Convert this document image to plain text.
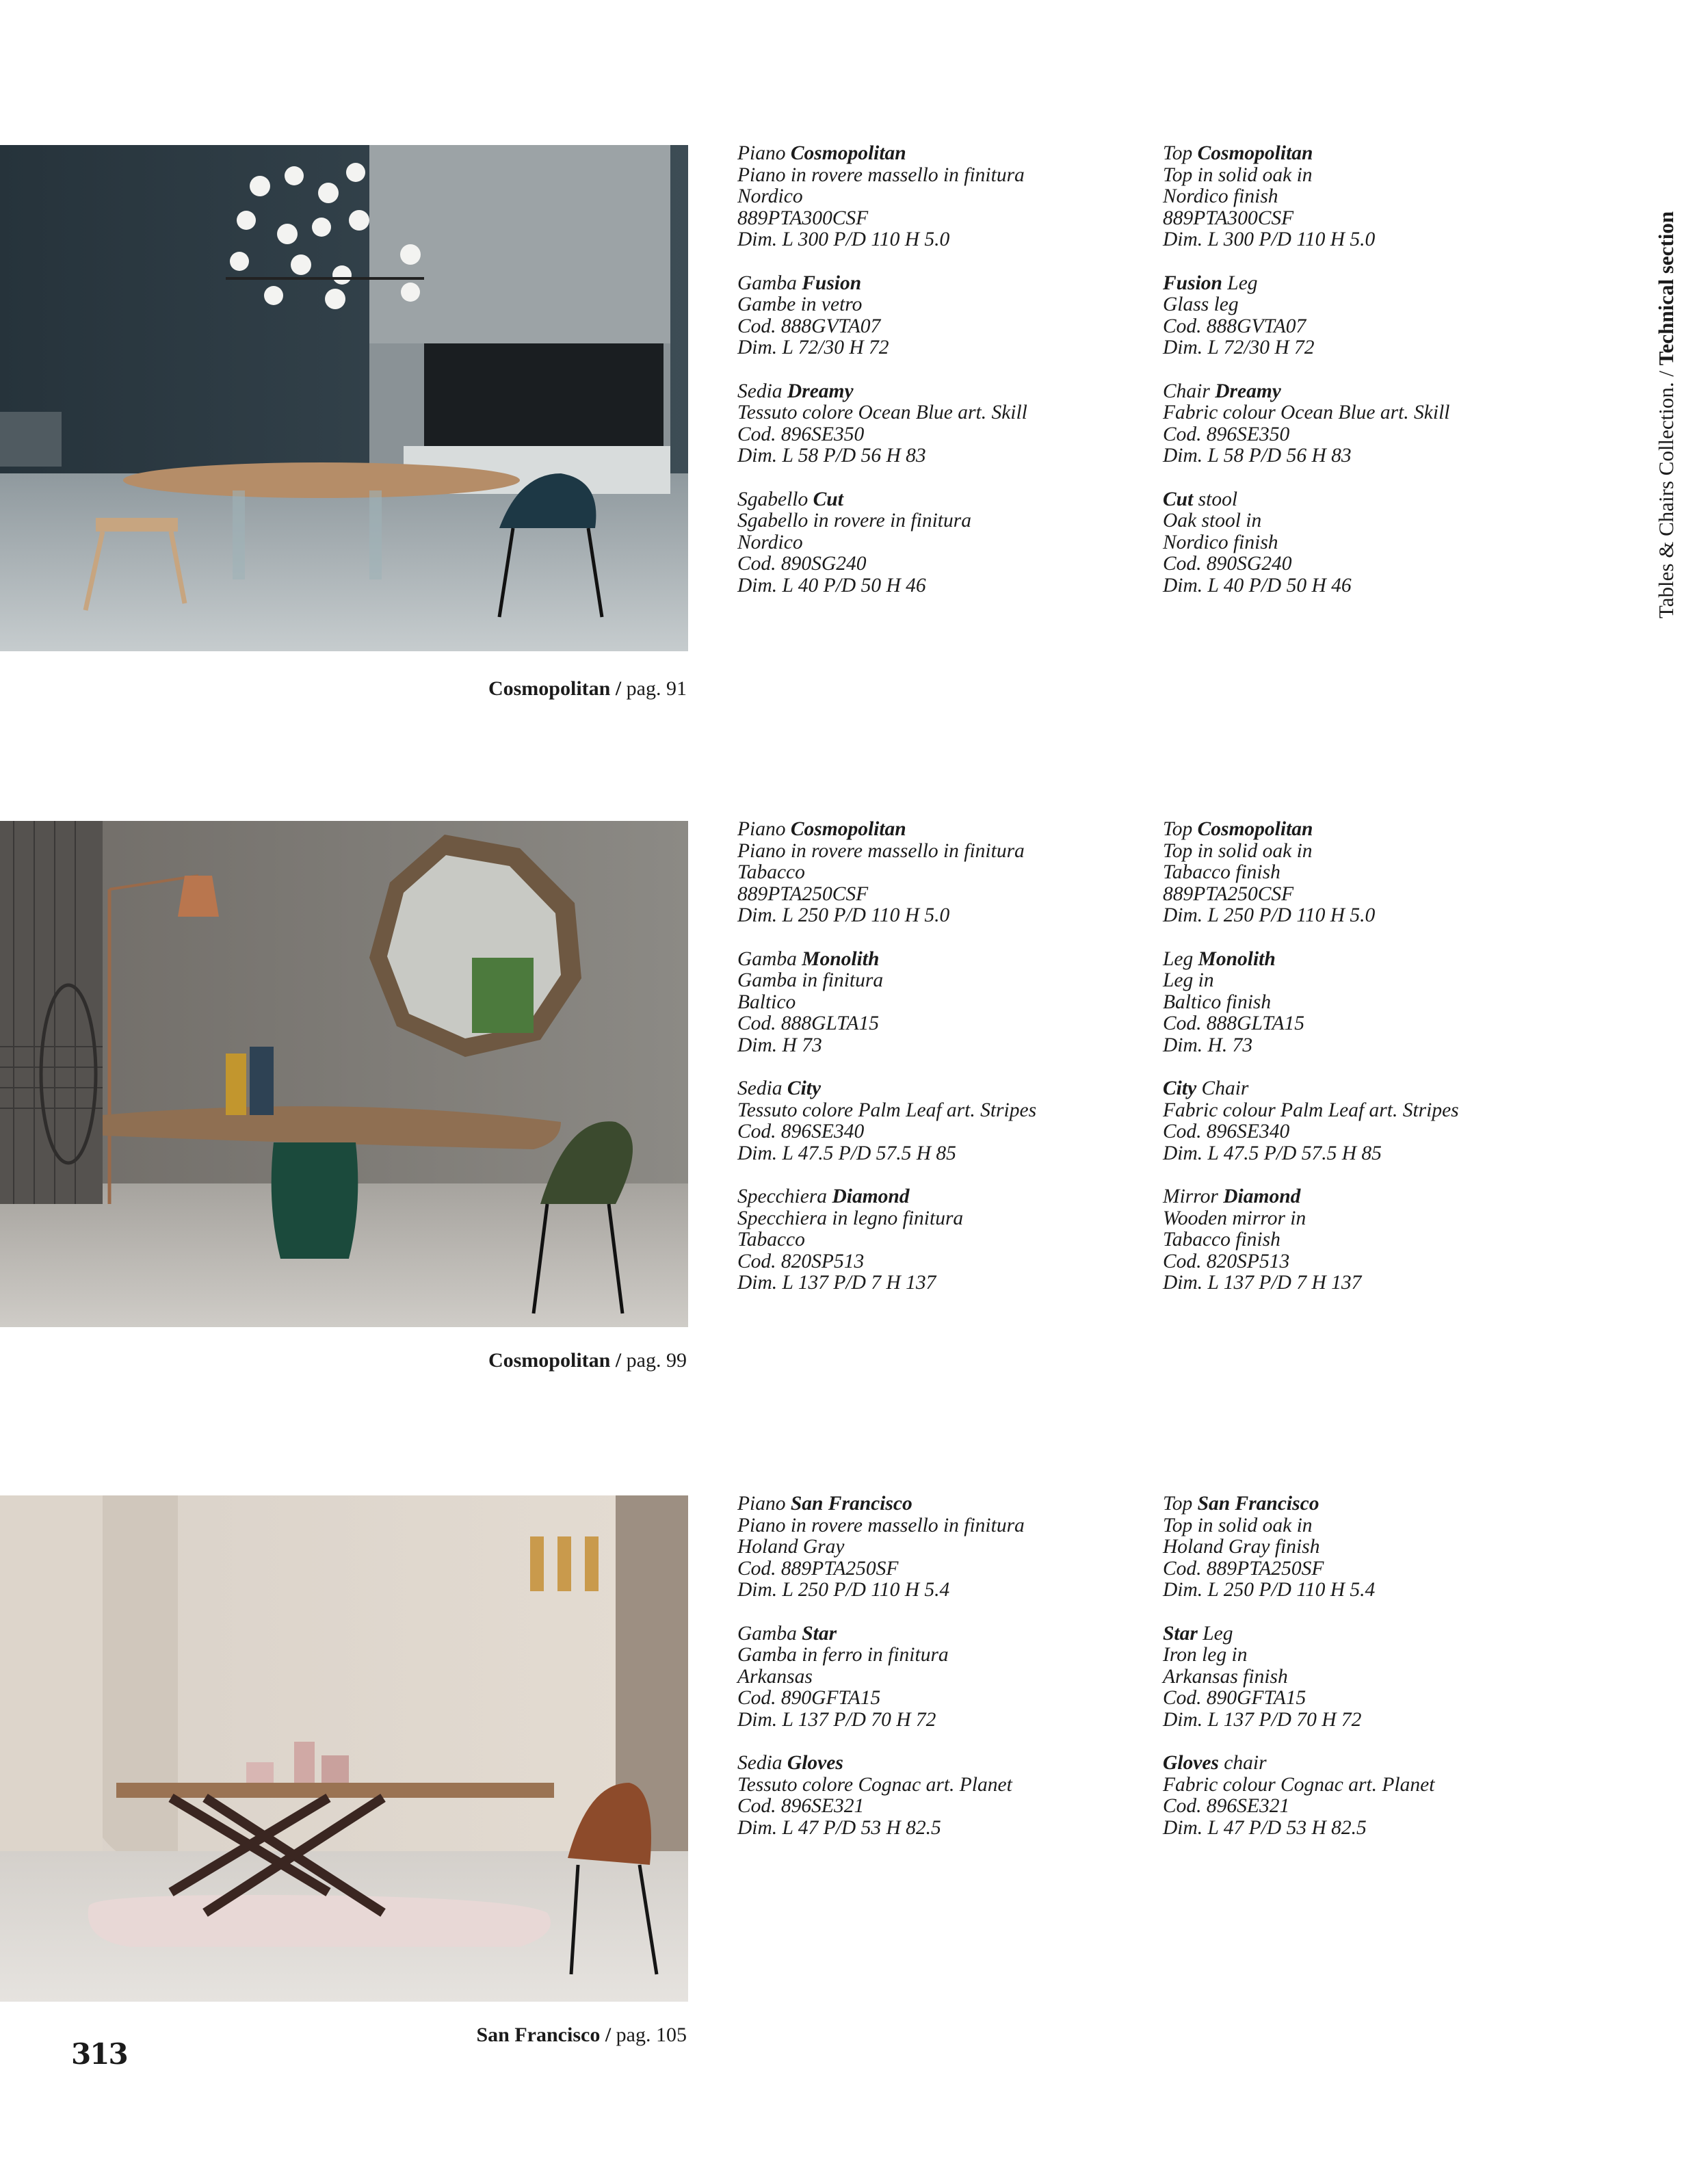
Cosmopolitan / pag. 91
Piano Cosmopolitan
Piano in rovere massello in finitura
Nordico
889PTA300CSF
Dim. L 300 P/D 110 H 5.0
Gamba Fusion
Gambe in vetro
Cod. 888GVTA07
Dim. L 72/30 H 72
Sedia Dreamy
Tessuto colore Ocean Blue art. Skill
Cod. 896SE350
Dim. L 58 P/D 56 H 83
Sgabello Cut
Sgabello in rovere in finitura
Nordico
Cod. 890SG240
Dim. L 40 P/D 50 H 46
Top Cosmopolitan
Top in solid oak in
Nordico finish
889PTA300CSF
Dim. L 300 P/D 110 H 5.0
Fusion Leg
Glass leg
Cod. 888GVTA07
Dim. L 72/30 H 72
Chair Dreamy
Fabric colour Ocean Blue art. Skill
Cod. 896SE350
Dim. L 58 P/D 56 H 83
Cut stool
Oak stool in
Nordico finish
Cod. 890SG240
Dim. L 40 P/D 50 H 46
Cosmopolitan / pag. 99
Piano Cosmopolitan
Piano in rovere massello in finitura
Tabacco
889PTA250CSF
Dim. L 250 P/D 110 H 5.0
Gamba Monolith
Gamba in finitura
Baltico
Cod. 888GLTA15
Dim. H 73
Sedia City
Tessuto colore Palm Leaf art. Stripes
Cod. 896SE340
Dim. L 47.5 P/D 57.5 H 85
Specchiera Diamond
Specchiera in legno finitura
Tabacco
Cod. 820SP513
Dim. L 137 P/D 7 H 137
Top Cosmopolitan
Top in solid oak in
Tabacco finish
889PTA250CSF
Dim. L 250 P/D 110 H 5.0
Leg Monolith
Leg in
Baltico finish
Cod. 888GLTA15
Dim. H. 73
City Chair
Fabric colour Palm Leaf art. Stripes
Cod. 896SE340
Dim. L 47.5 P/D 57.5 H 85
Mirror Diamond
Wooden mirror in
Tabacco finish
Cod. 820SP513
Dim. L 137 P/D 7 H 137
San Francisco / pag. 105
Piano San Francisco
Piano in rovere massello in finitura
Holand Gray
Cod. 889PTA250SF
Dim. L 250 P/D 110 H 5.4
Gamba Star
Gamba in ferro in finitura
Arkansas
Cod. 890GFTA15
Dim. L 137 P/D 70 H 72
Sedia Gloves
Tessuto colore Cognac art. Planet
Cod. 896SE321
Dim. L 47 P/D 53 H 82.5
Top San Francisco
Top in solid oak in
Holand Gray finish
Cod. 889PTA250SF
Dim. L 250 P/D 110 H 5.4
Star Leg
Iron leg in
Arkansas finish
Cod. 890GFTA15
Dim. L 137 P/D 70 H 72
Gloves chair
Fabric colour Cognac art. Planet
Cod. 896SE321
Dim. L 47 P/D 53 H 82.5
Tables & Chairs Collection. / Technical section
313
